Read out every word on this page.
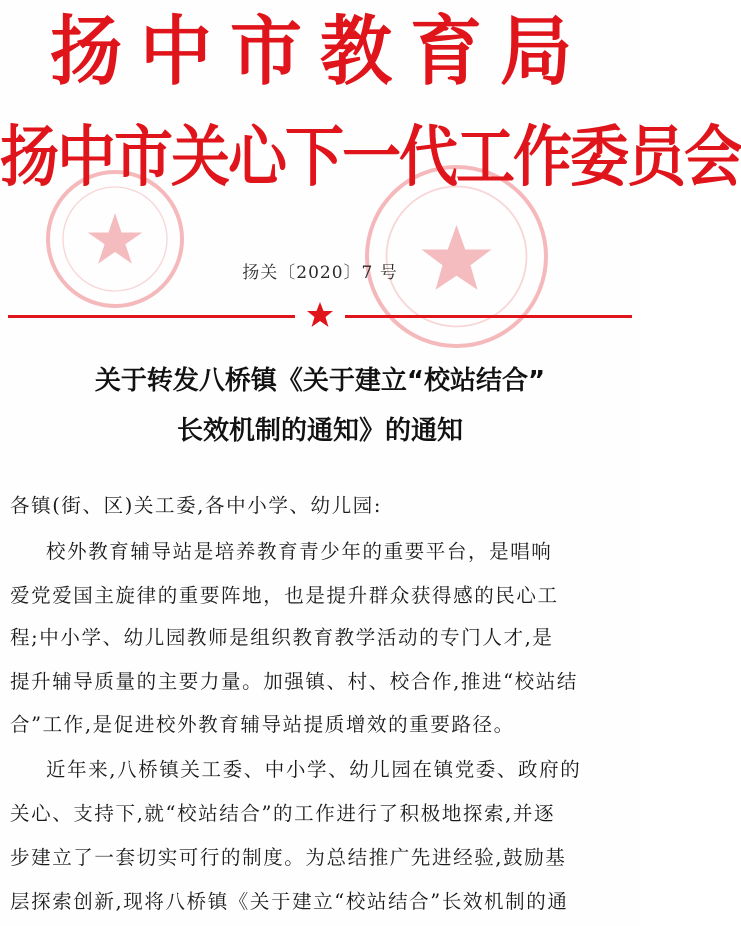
扬中市教育局
扬中市关心下一代工作委员会
扬关〔2020〕7 号
关于转发八桥镇《关于建立“校站结合”
长效机制的通知》的通知
各镇(街、区)关工委,各中小学、幼儿园:
校外教育辅导站是培养教育青少年的重要平台，是唱响
爱党爱国主旋律的重要阵地，也是提升群众获得感的民心工
程;中小学、幼儿园教师是组织教育教学活动的专门人才,是
提升辅导质量的主要力量。加强镇、村、校合作,推进“校站结
合”工作,是促进校外教育辅导站提质增效的重要路径。
近年来,八桥镇关工委、中小学、幼儿园在镇党委、政府的
关心、支持下,就“校站结合”的工作进行了积极地探索,并逐
步建立了一套切实可行的制度。为总结推广先进经验,鼓励基
层探索创新,现将八桥镇《关于建立“校站结合”长效机制的通
